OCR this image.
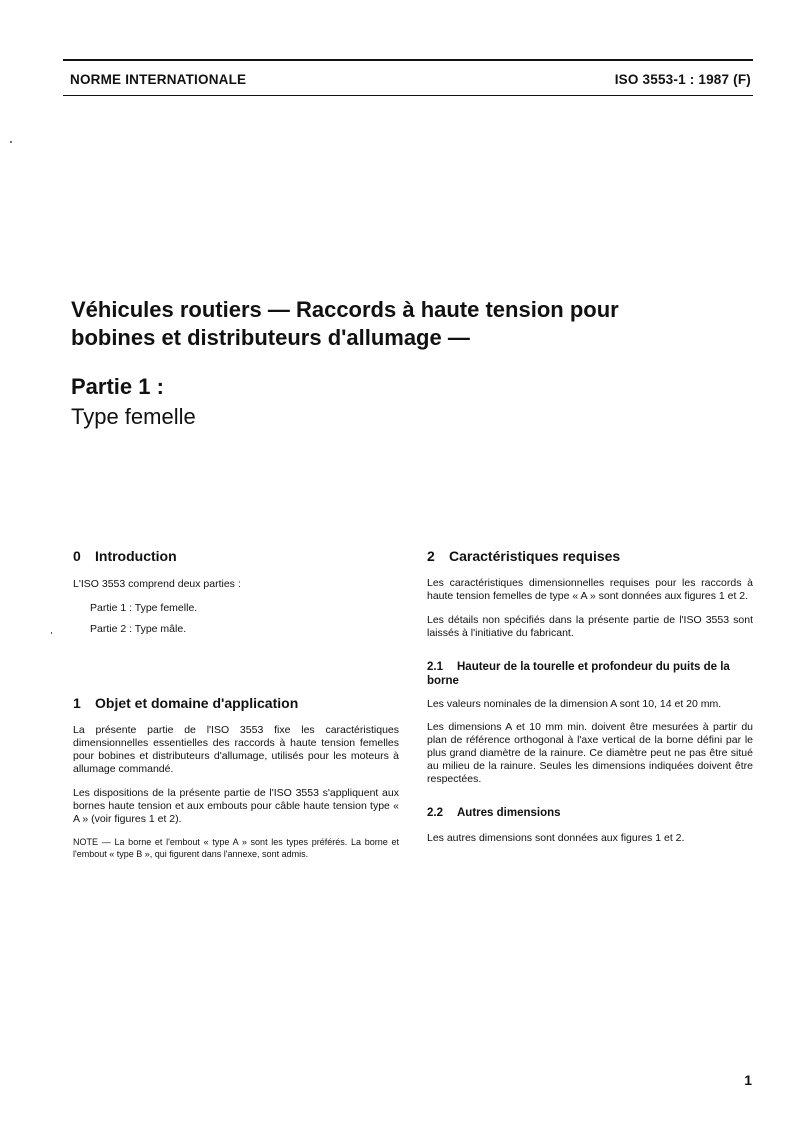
NORME INTERNATIONALE	ISO 3553-1 : 1987 (F)
Véhicules routiers — Raccords à haute tension pour
bobines et distributeurs d'allumage —
Partie 1 :
Type femelle
0 Introduction

L'ISO 3553 comprend deux parties :

Partie 1 : Type femelle.

Partie 2 : Type mâle.

1 Objet et domaine d'application

La présente partie de l'ISO 3553 fixe les caractéristiques dimensionnelles essentielles des raccords à haute tension femelles pour bobines et distributeurs d'allumage, utilisés pour les moteurs à allumage commandé.

Les dispositions de la présente partie de l'ISO 3553 s'appliquent aux bornes haute tension et aux embouts pour câble haute tension type « A » (voir figures 1 et 2).

NOTE — La borne et l'embout « type A » sont les types préférés. La borne et l'embout « type B », qui figurent dans l'annexe, sont admis.

2 Caractéristiques requises

Les caractéristiques dimensionnelles requises pour les raccords à haute tension femelles de type « A » sont données aux figures 1 et 2.

Les détails non spécifiés dans la présente partie de l'ISO 3553 sont laissés à l'initiative du fabricant.

2.1 Hauteur de la tourelle et profondeur du puits de la borne

Les valeurs nominales de la dimension A sont 10, 14 et 20 mm.

Les dimensions A et 10 mm min. doivent être mesurées à partir du plan de référence orthogonal à l'axe vertical de la borne défini par le plus grand diamètre de la rainure. Ce diamètre peut ne pas être situé au milieu de la rainure. Seules les dimensions indiquées doivent être respectées.

2.2 Autres dimensions

Les autres dimensions sont données aux figures 1 et 2.

1
